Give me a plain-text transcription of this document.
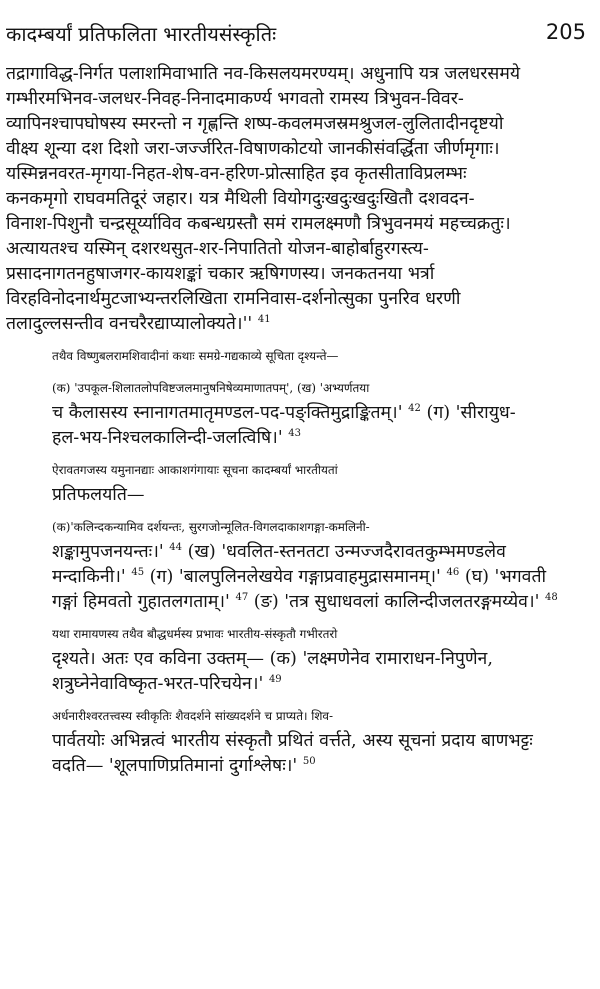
कादम्बर्यां प्रतिफलिता भारतीयसंस्कृतिः	205

तद्रागाविद्ध-निर्गत पलाशमिवाभाति नव-किसलयमरण्यम्। अधुनापि यत्र जलधरसमये
गम्भीरमभिनव-जलधर-निवह-निनादमाकर्ण्य भगवतो रामस्य त्रिभुवन-विवर-
व्यापिनश्चापघोषस्य स्मरन्तो न गृह्णन्ति शष्प-कवलमजस्रमश्रुजल-लुलितादीनदृष्टयो
वीक्ष्य शून्या दश दिशो जरा-जर्ज्जरित-विषाणकोटयो जानकीसंवर्द्धिता जीर्णमृगाः।
यस्मिन्ननवरत-मृगया-निहत-शेष-वन-हरिण-प्रोत्साहित इव कृतसीताविप्रलम्भः
कनकमृगो राघवमतिदूरं जहार। यत्र मैथिली वियोगदुःखदुःखदुःखितौ दशवदन-
विनाश-पिशुनौ चन्द्रसूर्य्याविव कबन्धग्रस्तौ समं रामलक्ष्मणौ त्रिभुवनमयं महच्चक्रतुः।
अत्यायतश्च यस्मिन् दशरथसुत-शर-निपातितो योजन-बाहोर्बाहुरगस्त्य-
प्रसादनागतनहुषाजगर-कायशङ्कां चकार ऋषिगणस्य। जनकतनया भर्त्रा
विरहविनोदनार्थमुटजाभ्यन्तरलिखिता रामनिवास-दर्शनोत्सुका पुनरिव धरणी
तलादुल्लसन्तीव वनचरैरद्याप्यालोक्यते।'' $^{41}$

तथैव विष्णुबलरामशिवादीनां कथाः समग्रे-गद्यकाव्ये सूचिता दृश्यन्ते—

(क) 'उपकूल-शिलातलोपविष्टजलमानुषनिषेव्यमाणातपम्', (ख) 'अभ्यर्णतया
च कैलासस्य स्नानागतमातृमण्डल-पद-पङ्क्तिमुद्राङ्कितम्।' $^{42}$ (ग) 'सीरायुध-
हल-भय-निश्चलकालिन्दी-जलत्विषि।' $^{43}$

ऐरावतगजस्य यमुनानद्याः आकाशगंगायाः सूचना कादम्बर्यां भारतीयतां
प्रतिफलयति—

(क)'कलिन्दकन्यामिव दर्शयन्तः, सुरगजोन्मूलित-विगलदाकाशगङ्गा-कमलिनी-
शङ्कामुपजनयन्तः।' $^{44}$ (ख) 'धवलित-स्तनतटा उन्मज्जदैरावतकुम्भमण्डलेव
मन्दाकिनी।' $^{45}$ (ग) 'बालपुलिनलेखयेव गङ्गाप्रवाहमुद्रासमानम्।' $^{46}$ (घ) 'भगवती
गङ्गां हिमवतो गुहातलगताम्।' $^{47}$ (ङ) 'तत्र सुधाधवलां कालिन्दीजलतरङ्गमय्येव।' $^{48}$

यथा रामायणस्य तथैव बौद्धधर्मस्य प्रभावः भारतीय-संस्कृतौ गभीरतरो
दृश्यते। अतः एव कविना उक्तम्— (क) 'लक्ष्मणेनेव रामाराधन-निपुणेन,
शत्रुघ्नेनेवाविष्कृत-भरत-परिचयेन।' $^{49}$

अर्धनारीश्वरतत्त्वस्य स्वीकृतिः शैवदर्शने सांख्यदर्शने च प्राप्यते। शिव-
पार्वतयोः अभिन्नत्वं भारतीय संस्कृतौ प्रथितं वर्त्तते, अस्य सूचनां प्रदाय बाणभट्टः
वदति— 'शूलपाणिप्रतिमानां दुर्गाश्लेषः।' $^{50}$
